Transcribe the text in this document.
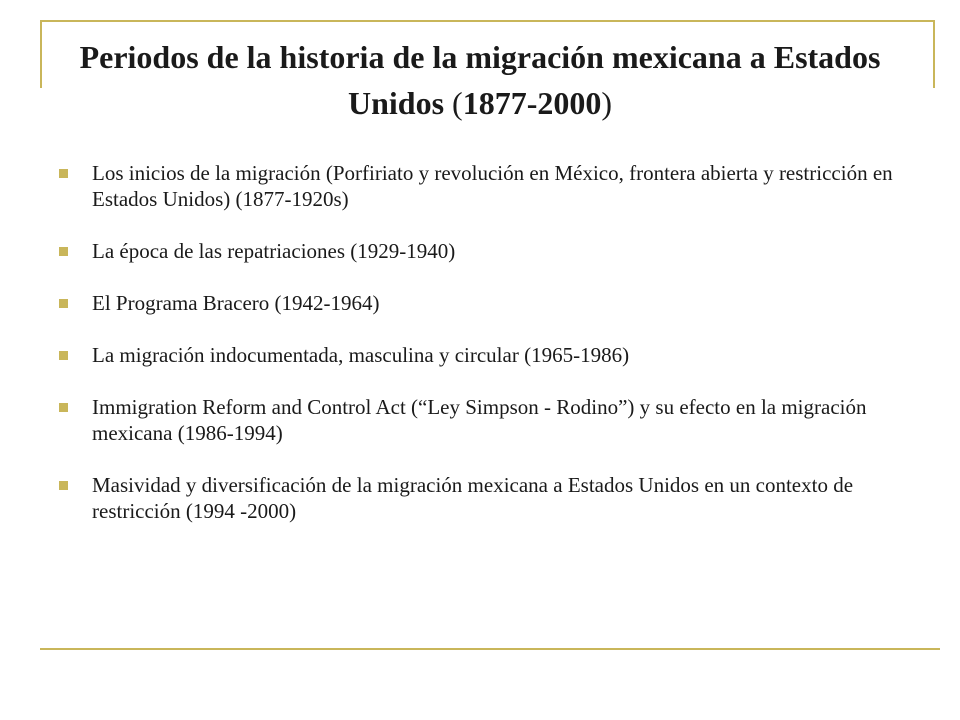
Periodos de la historia de la migración mexicana a Estados Unidos (1877-2000)
Los inicios de la migración (Porfiriato y revolución en México, frontera abierta y restricción en Estados Unidos) (1877-1920s)
La época de las repatriaciones (1929-1940)
El Programa Bracero (1942-1964)
La migración indocumentada, masculina y circular (1965-1986)
Immigration Reform and Control Act (“Ley Simpson - Rodino”) y su efecto en la migración mexicana (1986-1994)
Masividad y diversificación de la migración mexicana a Estados Unidos en un contexto de restricción (1994 -2000)
